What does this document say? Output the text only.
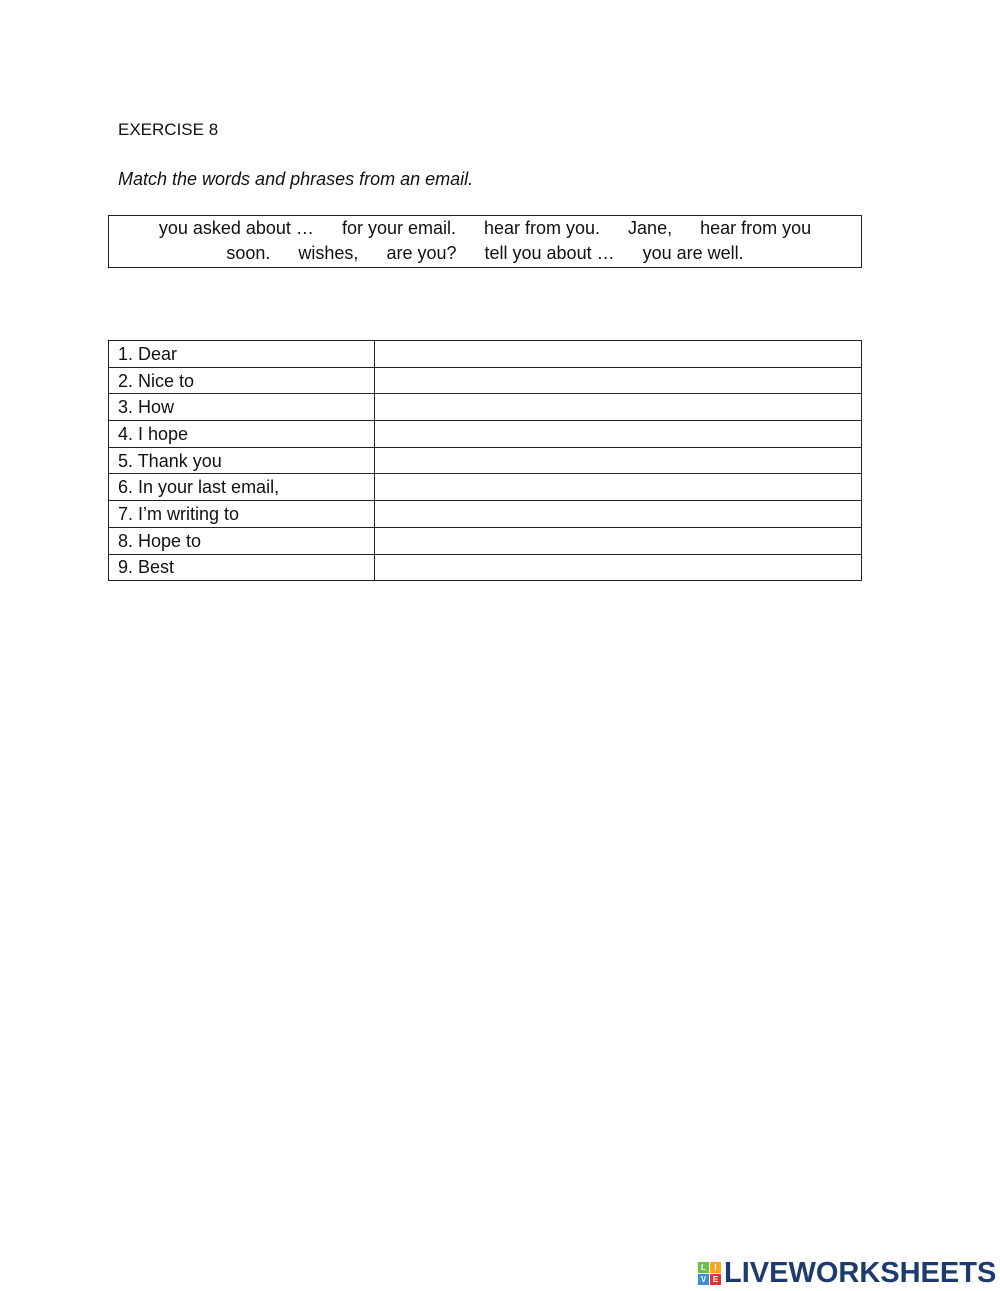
EXERCISE 8
Match the words and phrases from an email.
you asked about … for your email. hear from you. Jane, hear from you
soon. wishes, are you? tell you about … you are well.
1. Dear	
2. Nice to	
3. How	
4. I hope	
5. Thank you	
6. In your last email,	
7. I’m writing to	
8. Hope to	
9. Best	
L	I
V E LIVEWORKSHEETS
